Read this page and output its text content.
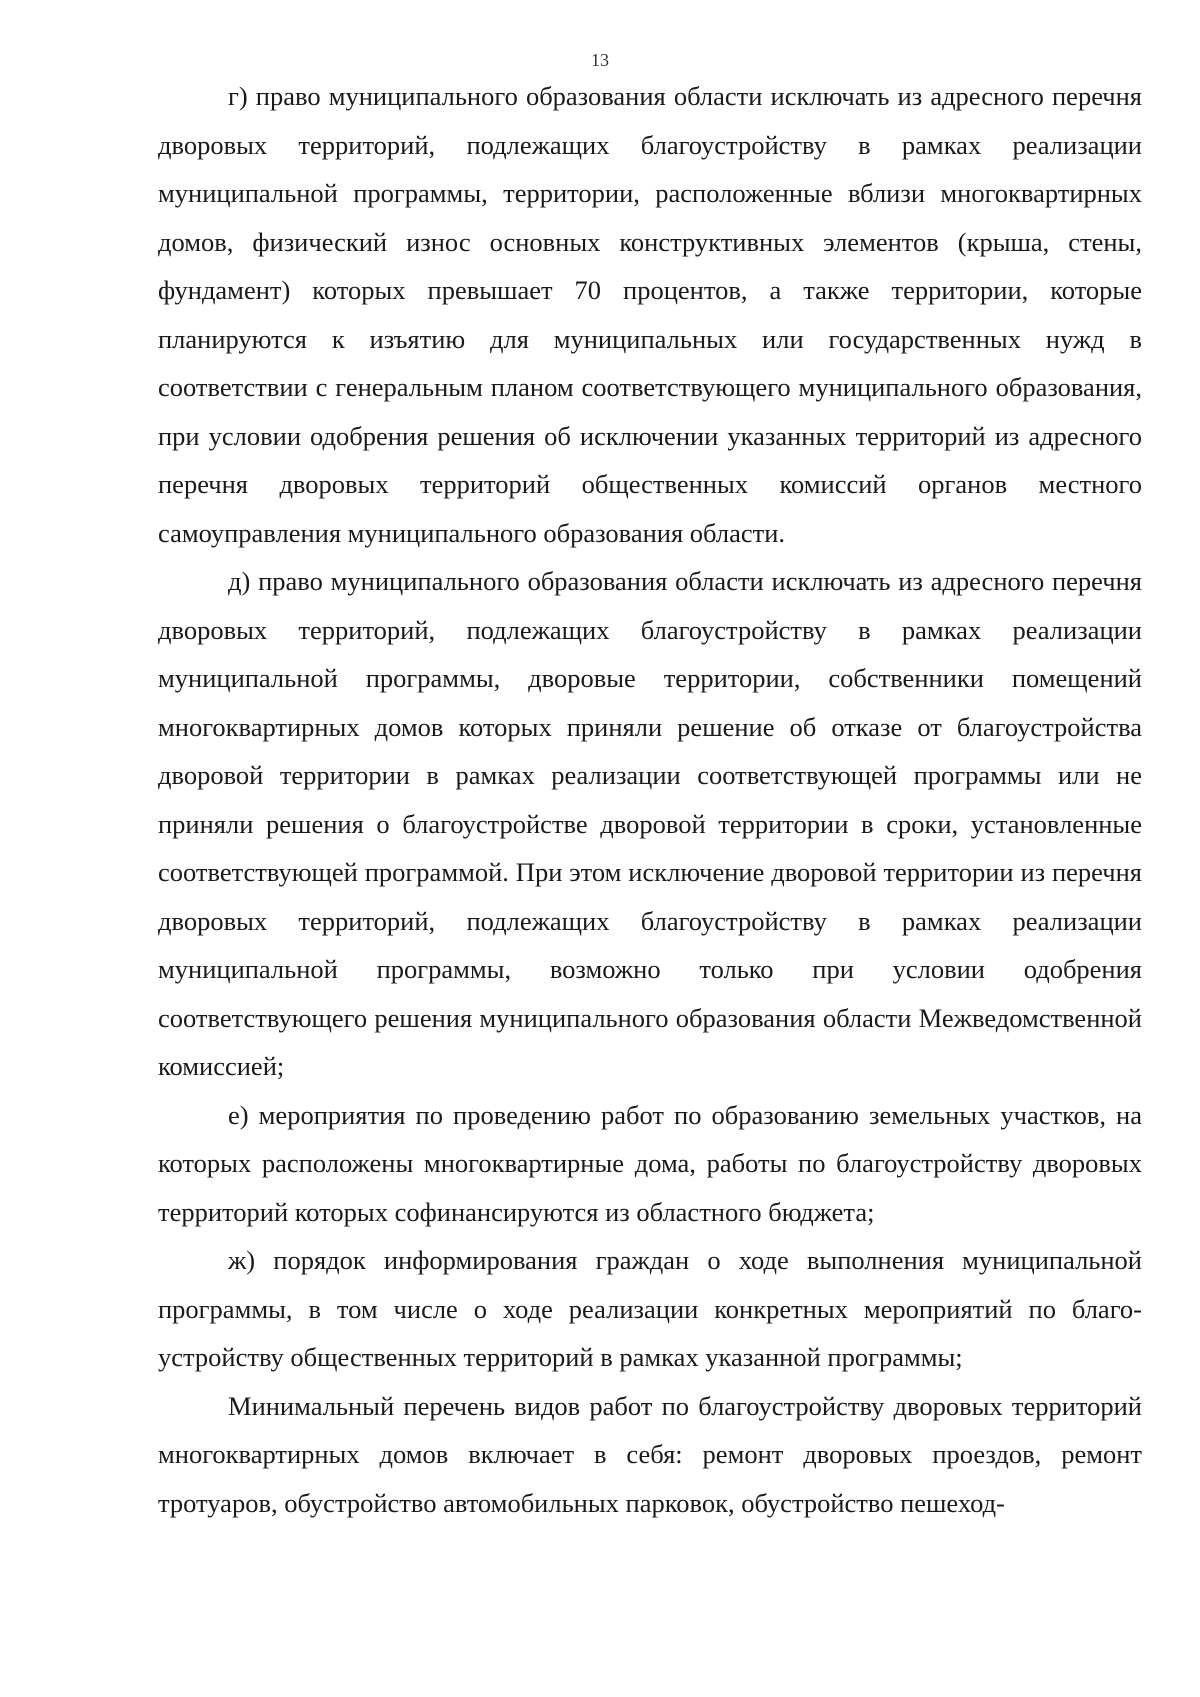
13

г) право муниципального образования области исключать из адресного перечня дворовых территорий, подлежащих благоустройству в рамках реализации муниципальной программы, территории, расположенные вблизи многоквартирных домов, физический износ основных конструктивных элементов (крыша, стены, фундамент) которых превышает 70 процентов, а также территории, которые планируются к изъятию для муниципальных или государственных нужд в соответствии с генеральным планом соответствующего муниципального образования, при условии одобрения решения об исключении указанных территорий из адресного перечня дворовых территорий общественных комиссий органов местного самоуправления муниципального образования области.

д) право муниципального образования области исключать из адресного перечня дворовых территорий, подлежащих благоустройству в рамках реализации муниципальной программы, дворовые территории, собственники помещений многоквартирных домов которых приняли решение об отказе от благоустройства дворовой территории в рамках реализации соответствующей программы или не приняли решения о благоустройстве дворовой территории в сроки, установленные соответствующей программой. При этом исключение дворовой территории из перечня дворовых территорий, подлежащих благоустройству в рамках реализации муниципальной программы, возможно только при условии одобрения соответствующего решения муниципального образования области Межведомственной комиссией;

е) мероприятия по проведению работ по образованию земельных участков, на которых расположены многоквартирные дома, работы по благоустройству дворовых территорий которых софинансируются из областного бюджета;

ж) порядок информирования граждан о ходе выполнения муниципальной программы, в том числе о ходе реализации конкретных мероприятий по благоустройству общественных территорий в рамках указанной программы;

Минимальный перечень видов работ по благоустройству дворовых территорий многоквартирных домов включает в себя: ремонт дворовых проездов, ремонт тротуаров, обустройство автомобильных парковок, обустройство пешеход-
